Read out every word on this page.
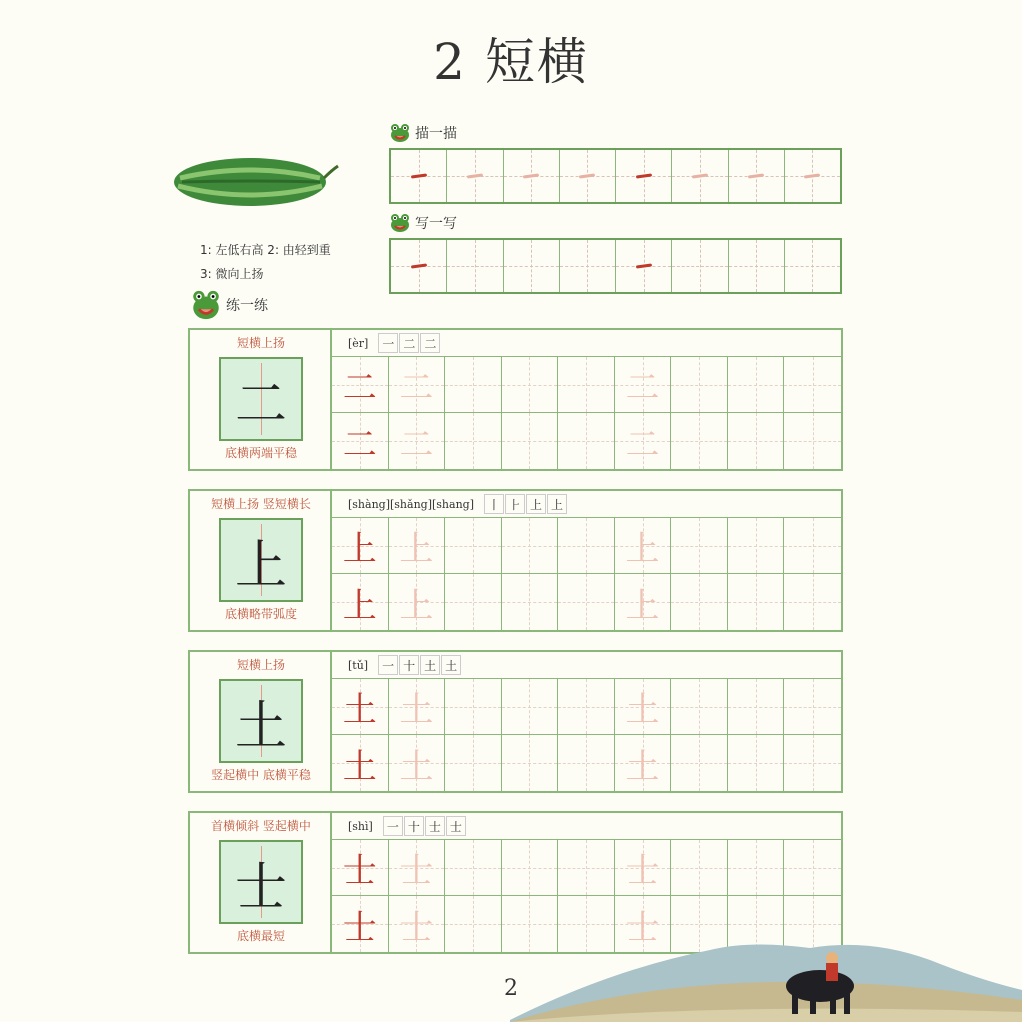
2 短横
1: 左低右高 2: 由轻到重
3: 微向上扬
描一描
写一写
练一练
短横上扬
二
底横两端平稳
[èr]	一 二 二
二 二	二
二 二	二
短横上扬 竖短横长
上
底横略带弧度
[shàng][shǎng][shang]	丨 ⺊ 上 上
上 上	上
上 上	上
短横上扬
土
竖起横中 底横平稳
[tǔ]	一 十 土 土
土 土	土
土 土	土
首横倾斜 竖起横中
士
底横最短
[shì]	一 十 士 士
士 士	士
士 士	士
2
